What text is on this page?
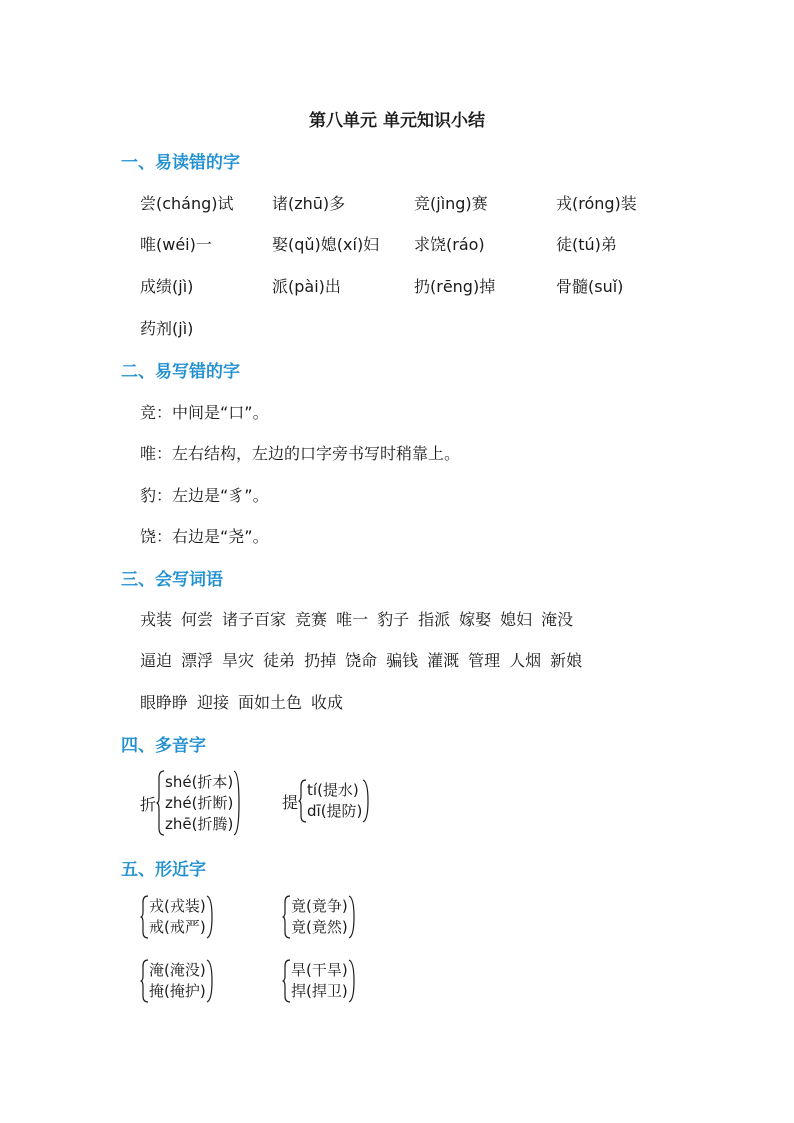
第八单元 单元知识小结
一、易读错的字
尝(cháng)试 诸(zhū)多	竞(jìng)赛	戎(róng)装
唯(wéi)一	娶(qǔ)媳(xí)妇 求饶(ráo)	徒(tú)弟
成绩(jì)	派(pài)出	扔(rēng)掉	骨髓(suǐ)
药剂(jì)
二、易写错的字
竞：中间是“口”。
唯：左右结构，左边的口字旁书写时稍靠上。
豹：左边是“豸”。
饶：右边是“尧”。
三、会写词语
戎装 何尝 诸子百家 竞赛 唯一 豹子 指派 嫁娶 媳妇 淹没
逼迫 漂浮 旱灾 徒弟 扔掉 饶命 骗钱 灌溉 管理 人烟 新娘
眼睁睁 迎接 面如土色 收成
四、多音字
折
shé(折本)
zhé(折断)
zhē(折腾)
提
tí(提水)
dī(提防)
五、形近字
戎(戎装)
戒(戒严)
竟(竟争)
竟(竟然)
淹(淹没)
掩(掩护)
旱(干旱)
捍(捍卫)
